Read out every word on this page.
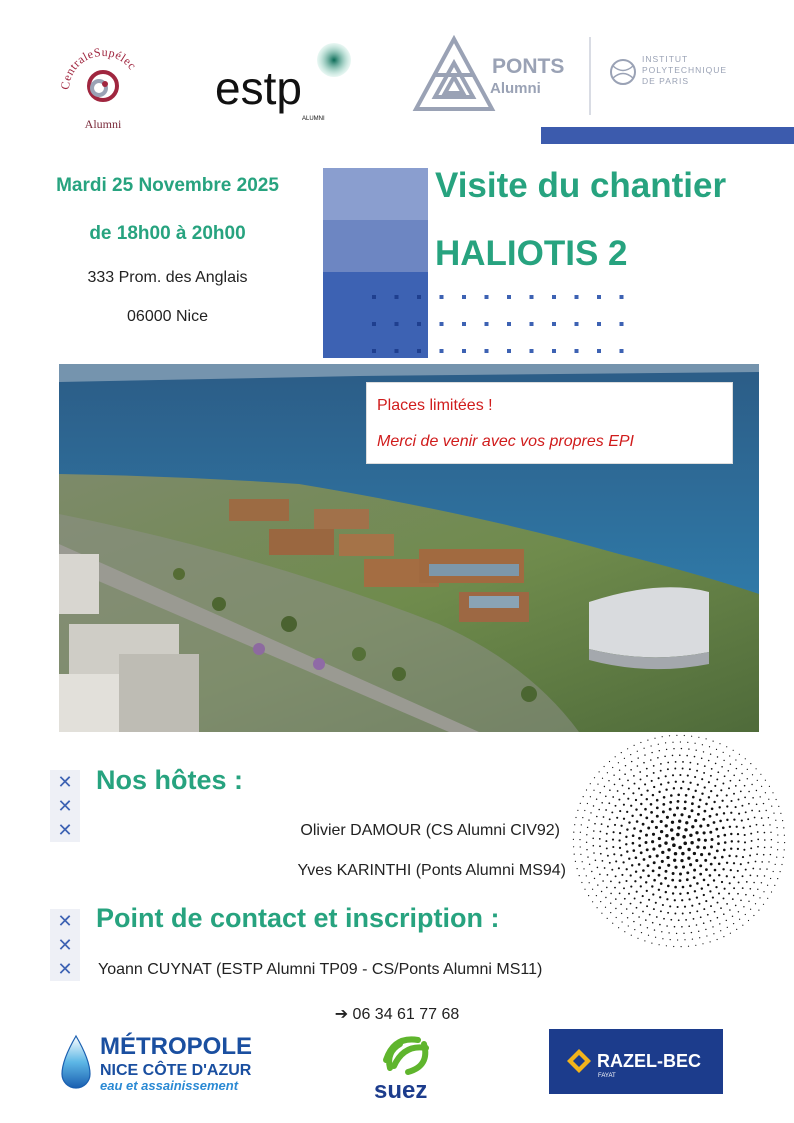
CentraleSupélec
Alumni
estp
ALUMNI
PONTS
Alumni
INSTITUT
POLYTECHNIQUE
DE PARIS
Mardi 25 Novembre 2025
de 18h00 à 20h00
333 Prom. des Anglais
06000 Nice
Visite du chantier
HALIOTIS 2
Places limitées !
Merci de venir avec vos propres EPI
✕
✕
✕
Nos hôtes :
Olivier DAMOUR (CS Alumni CIV92)
Yves KARINTHI (Ponts Alumni MS94)
✕
✕
✕
Point de contact et inscription :
Yoann CUYNAT (ESTP Alumni TP09 - CS/Ponts Alumni MS11)
➔ 06 34 61 77 68
MÉTROPOLE
NICE CÔTE D'AZUR
eau et assainissement	suez
RAZEL-BEC
FAYAT
